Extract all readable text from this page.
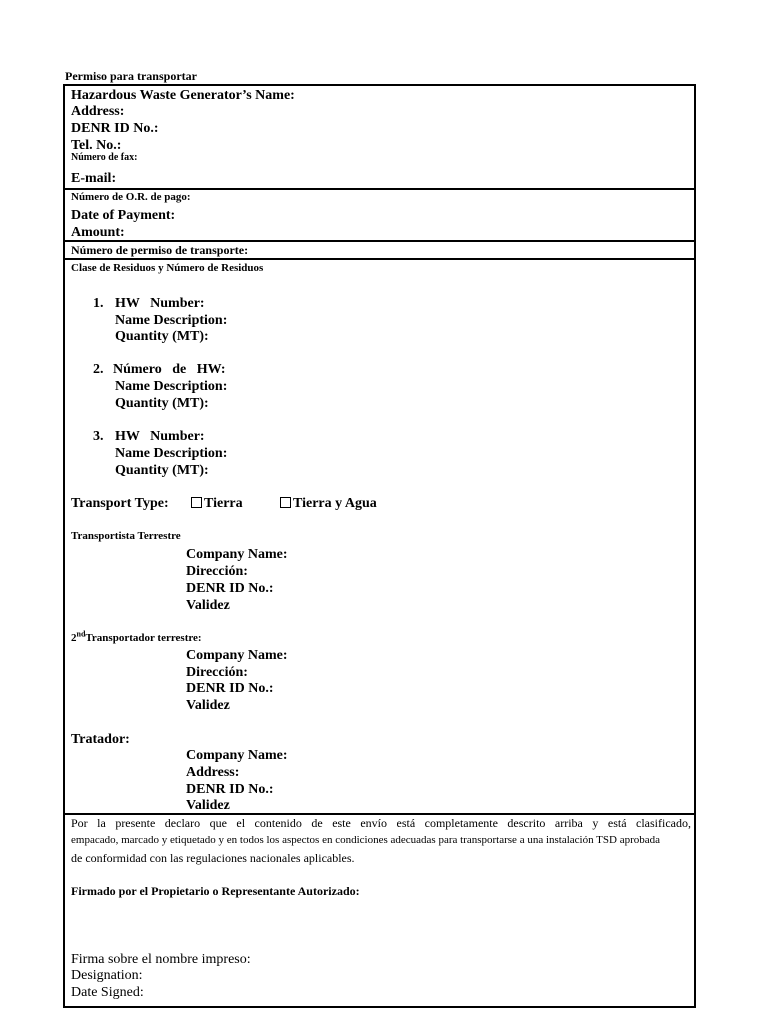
Permiso para transportar
Hazardous Waste Generator’s Name:
Address:
DENR ID No.:
Tel. No.:
Número de fax:
E-mail:
Número de O.R. de pago:
Date of Payment:
Amount:
Número de permiso de transporte:
Clase de Residuos y Número de Residuos
1. HW   Number:
Name Description:
Quantity (MT):
2. Número   de   HW:
Name Description:
Quantity (MT):
3. HW   Number:
Name Description:
Quantity (MT):
Transport Type:	Tierra	Tierra y Agua
Transportista Terrestre
Company Name:
Dirección:
DENR ID No.:
Validez
2ndTransportador terrestre:
Company Name:
Dirección:
DENR ID No.:
Validez
Tratador:
Company Name:
Address:
DENR ID No.:
Validez
Por la presente declaro que el contenido de este envío está completamente descrito arriba y está clasificado,
empacado, marcado y etiquetado y en todos los aspectos en condiciones adecuadas para transportarse a una instalación TSD aprobada
de conformidad con las regulaciones nacionales aplicables.
Firmado por el Propietario o Representante Autorizado:
Firma sobre el nombre impreso:
Designation:
Date Signed:
